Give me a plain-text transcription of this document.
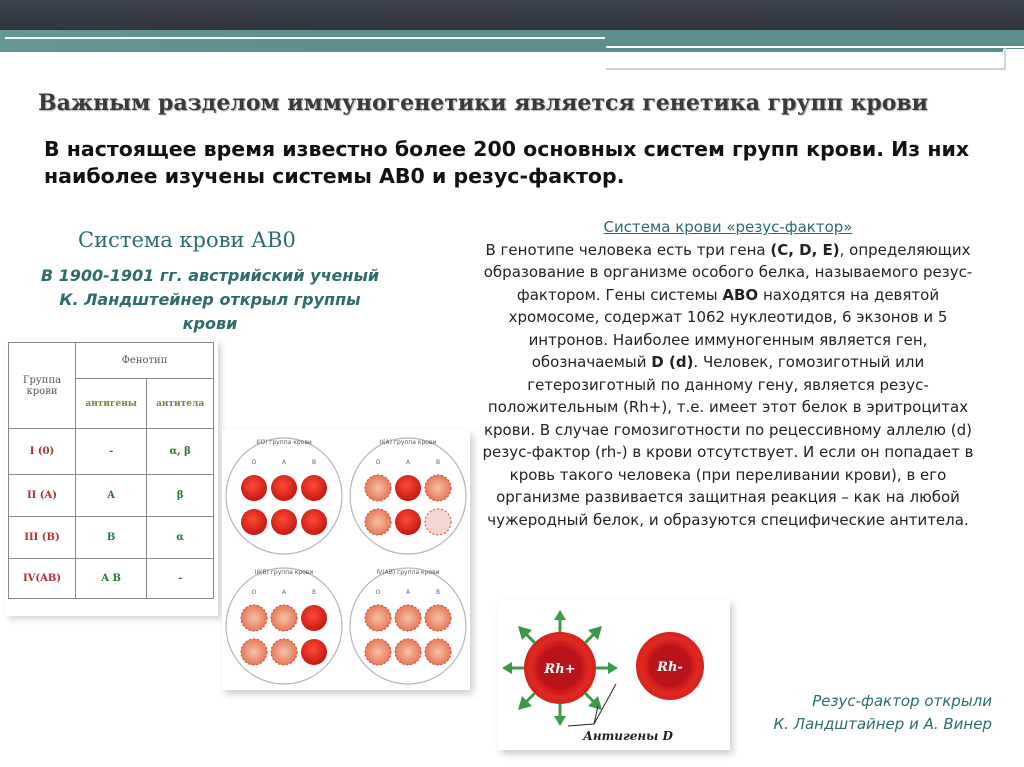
Важным разделом иммуногенетики является генетика групп крови

В настоящее время известно более 200 основных систем групп крови. Из них наиболее изучены системы АВ0 и резус-фактор.

Система крови АВ0
В 1900-1901 гг. австрийский ученый
К. Ландштейнер открыл группы
крови
Группа
крови	Фенотип	
	антигены	антитела
I (0)	-	α, β
II (A)	A	β
III (B)	B	α
IV(AB)	A B	-
I(O) группа крови
O	A	B
II(A) группа крови
O	A	B
III(B) группа крови
O	A	B
IV(AB) группа крови
O	A	B
Система крови «резус-фактор»
В генотипе человека есть три гена (C, D, E), определяющих образование в организме особого белка, называемого резус-фактором. Гены системы ABO находятся на девятой хромосоме, содержат 1062 нуклеотидов, 6 экзонов и 5 интронов. Наиболее иммуногенным является ген, обозначаемый D (d). Человек, гомозиготный или гетерозиготный по данному гену, является резус-положительным (Rh+), т.е. имеет этот белок в эритроцитах крови. В случае гомозиготности по рецессивному аллелю (d) резус-фактор (rh-) в крови отсутствует. И если он попадает в кровь такого человека (при переливании крови), в его организме развивается защитная реакция – как на любой чужеродный белок, и образуются специфические антитела.
Rh+	Rh-
Антигены D
Резус-фактор открыли
К. Ландштайнер и А. Винер
